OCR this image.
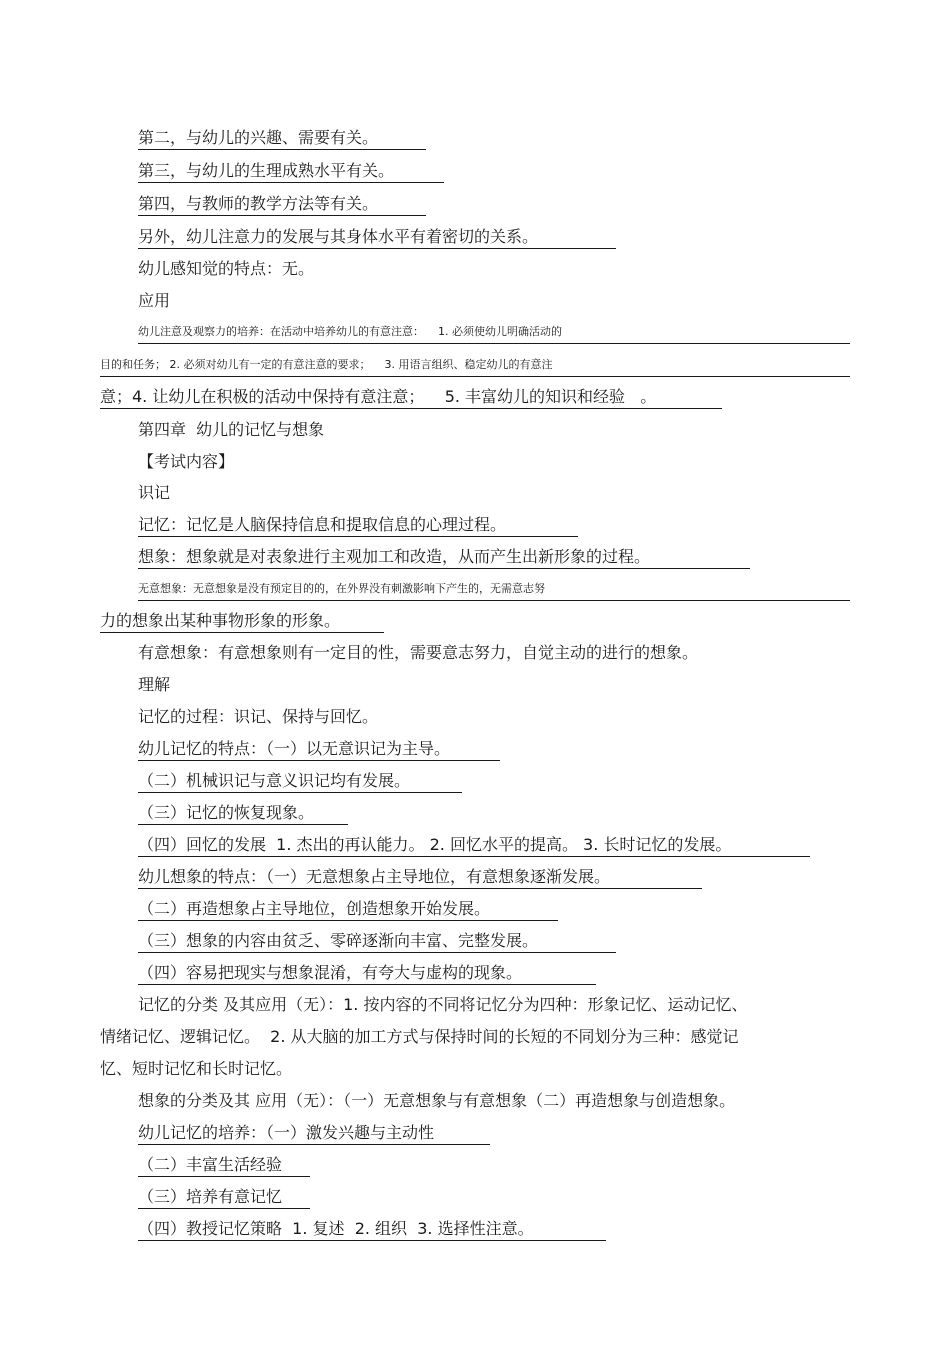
第二，与幼儿的兴趣、需要有关。
第三，与幼儿的生理成熟水平有关。
第四，与教师的教学方法等有关。
另外，幼儿注意力的发展与其身体水平有着密切的关系。
幼儿感知觉的特点：无。
应用
幼儿注意及观察力的培养：在活动中培养幼儿的有意注意：    1. 必须使幼儿明确活动的
目的和任务； 2. 必须对幼儿有一定的有意注意的要求；    3. 用语言组织、稳定幼儿的有意注
意；4. 让幼儿在积极的活动中保持有意注意；    5. 丰富幼儿的知识和经验   。
第四章  幼儿的记忆与想象
【考试内容】
识记
记忆：记忆是人脑保持信息和提取信息的心理过程。
想象：想象就是对表象进行主观加工和改造，从而产生出新形象的过程。
无意想象：无意想象是没有预定目的的，在外界没有刺激影响下产生的，无需意志努
力的想象出某种事物形象的形象。
有意想象：有意想象则有一定目的性，需要意志努力，自觉主动的进行的想象。
理解
记忆的过程：识记、保持与回忆。
幼儿记忆的特点：（一）以无意识记为主导。
（二）机械识记与意义识记均有发展。
（三）记忆的恢复现象。
（四）回忆的发展  1. 杰出的再认能力。 2. 回忆水平的提高。 3. 长时记忆的发展。
幼儿想象的特点：（一）无意想象占主导地位，有意想象逐渐发展。
（二）再造想象占主导地位，创造想象开始发展。
（三）想象的内容由贫乏、零碎逐渐向丰富、完整发展。
（四）容易把现实与想象混淆，有夸大与虚构的现象。
记忆的分类 及其应用（无）：1. 按内容的不同将记忆分为四种：形象记忆、运动记忆、
情绪记忆、逻辑记忆。  2. 从大脑的加工方式与保持时间的长短的不同划分为三种：感觉记
忆、短时记忆和长时记忆。
想象的分类及其 应用（无）：（一）无意想象与有意想象（二）再造想象与创造想象。
幼儿记忆的培养：（一）激发兴趣与主动性
（二）丰富生活经验
（三）培养有意记忆
（四）教授记忆策略  1. 复述  2. 组织  3. 选择性注意。
